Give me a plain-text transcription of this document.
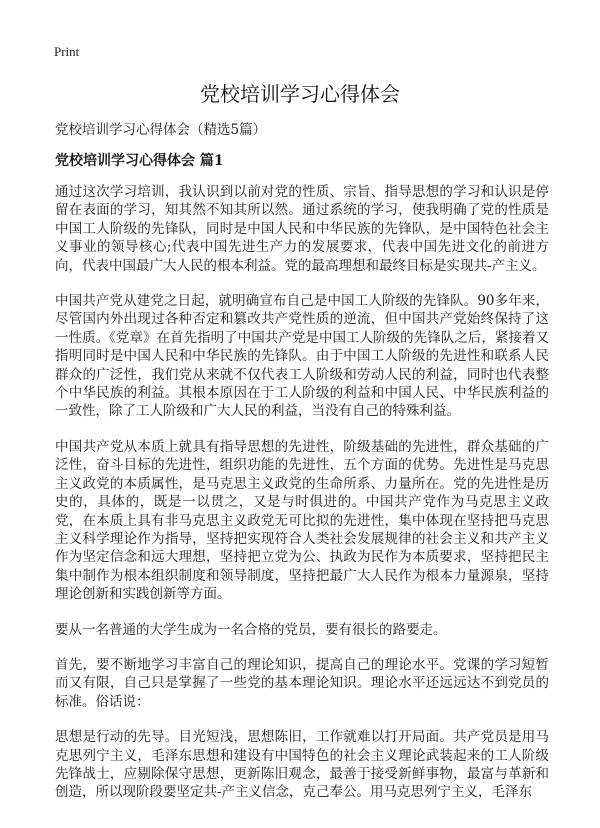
Print
党校培训学习心得体会

党校培训学习心得体会（精选5篇）

党校培训学习心得体会 篇1

通过这次学习培训，我认识到以前对党的性质、宗旨、指导思想的学习和认识是停留在表面的学习，知其然不知其所以然。通过系统的学习，使我明确了党的性质是中国工人阶级的先锋队，同时是中国人民和中华民族的先锋队，是中国特色社会主义事业的领导核心;代表中国先进生产力的发展要求，代表中国先进文化的前进方向，代表中国最广大人民的根本利益。党的最高理想和最终目标是实现共-产主义。

中国共产党从建党之日起，就明确宣布自己是中国工人阶级的先锋队。90多年来，尽管国内外出现过各种否定和篡改共产党性质的逆流，但中国共产党始终保持了这一性质。《党章》在首先指明了中国共产党是中国工人阶级的先锋队之后，紧接着又指明同时是中国人民和中华民族的先锋队。由于中国工人阶级的先进性和联系人民群众的广泛性，我们党从来就不仅代表工人阶级和劳动人民的利益，同时也代表整个中华民族的利益。其根本原因在于工人阶级的利益和中国人民、中华民族利益的一致性，除了工人阶级和广大人民的利益，当没有自己的特殊利益。

中国共产党从本质上就具有指导思想的先进性，阶级基础的先进性，群众基础的广泛性，奋斗目标的先进性，组织功能的先进性，五个方面的优势。先进性是马克思主义政党的本质属性，是马克思主义政党的生命所系、力量所在。党的先进性是历史的，具体的，既是一以贯之，又是与时俱进的。中国共产党作为马克思主义政党，在本质上具有非马克思主义政党无可比拟的先进性，集中体现在坚持把马克思主义科学理论作为指导，坚持把实现符合人类社会发展规律的社会主义和共产主义作为坚定信念和远大理想，坚持把立党为公、执政为民作为本质要求，坚持把民主集中制作为根本组织制度和领导制度，坚持把最广大人民作为根本力量源泉，坚持理论创新和实践创新等方面。

要从一名普通的大学生成为一名合格的党员，要有很长的路要走。

首先，要不断地学习丰富自己的理论知识，提高自己的理论水平。党课的学习短暂而又有限，自己只是掌握了一些党的基本理论知识。理论水平还远远达不到党员的标准。俗话说：

思想是行动的先导。目光短浅，思想陈旧，工作就难以打开局面。共产党员是用马克思列宁主义，毛泽东思想和建设有中国特色的社会主义理论武装起来的工人阶级先锋战士，应剔除保守思想，更新陈旧观念，最善于接受新鲜事物，最富与革新和创造，所以现阶段要坚定共-产主义信念，克己奉公。用马克思列宁主义，毛泽东
